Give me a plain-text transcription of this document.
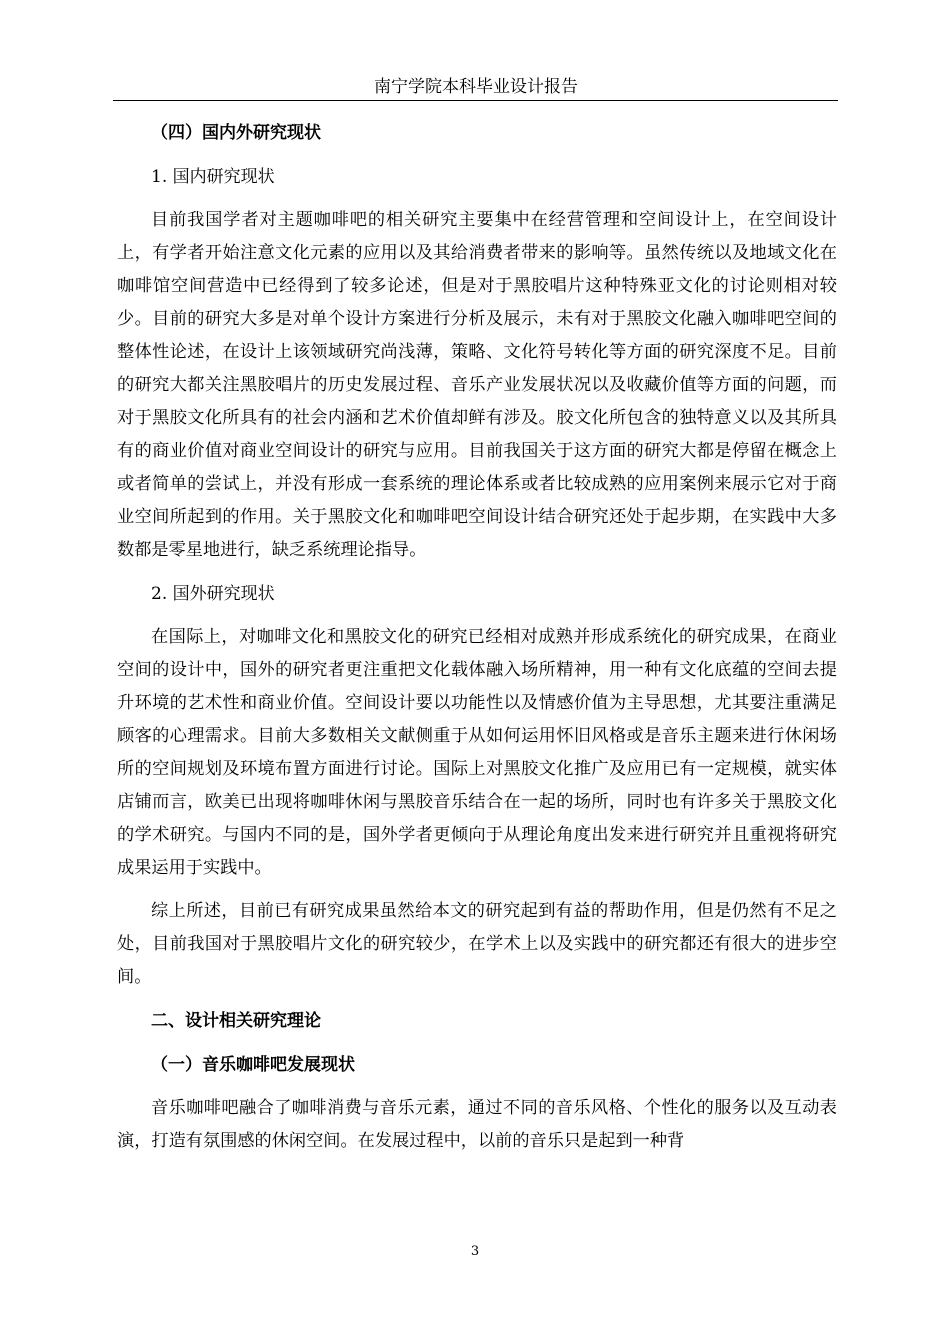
南宁学院本科毕业设计报告
（四）国内外研究现状
1. 国内研究现状

目前我国学者对主题咖啡吧的相关研究主要集中在经营管理和空间设计上，在空间设计上，有学者开始注意文化元素的应用以及其给消费者带来的影响等。虽然传统以及地域文化在咖啡馆空间营造中已经得到了较多论述，但是对于黑胶唱片这种特殊亚文化的讨论则相对较少。目前的研究大多是对单个设计方案进行分析及展示，未有对于黑胶文化融入咖啡吧空间的整体性论述，在设计上该领域研究尚浅薄，策略、文化符号转化等方面的研究深度不足。目前的研究大都关注黑胶唱片的历史发展过程、音乐产业发展状况以及收藏价值等方面的问题，而对于黑胶文化所具有的社会内涵和艺术价值却鲜有涉及。胶文化所包含的独特意义以及其所具有的商业价值对商业空间设计的研究与应用。目前我国关于这方面的研究大都是停留在概念上或者简单的尝试上，并没有形成一套系统的理论体系或者比较成熟的应用案例来展示它对于商业空间所起到的作用。关于黑胶文化和咖啡吧空间设计结合研究还处于起步期，在实践中大多数都是零星地进行，缺乏系统理论指导。

2. 国外研究现状

在国际上，对咖啡文化和黑胶文化的研究已经相对成熟并形成系统化的研究成果，在商业空间的设计中，国外的研究者更注重把文化载体融入场所精神，用一种有文化底蕴的空间去提升环境的艺术性和商业价值。空间设计要以功能性以及情感价值为主导思想，尤其要注重满足顾客的心理需求。目前大多数相关文献侧重于从如何运用怀旧风格或是音乐主题来进行休闲场所的空间规划及环境布置方面进行讨论。国际上对黑胶文化推广及应用已有一定规模，就实体店铺而言，欧美已出现将咖啡休闲与黑胶音乐结合在一起的场所，同时也有许多关于黑胶文化的学术研究。与国内不同的是，国外学者更倾向于从理论角度出发来进行研究并且重视将研究成果运用于实践中。

综上所述，目前已有研究成果虽然给本文的研究起到有益的帮助作用，但是仍然有不足之处，目前我国对于黑胶唱片文化的研究较少，在学术上以及实践中的研究都还有很大的进步空间。

二、设计相关研究理论
（一）音乐咖啡吧发展现状

音乐咖啡吧融合了咖啡消费与音乐元素，通过不同的音乐风格、个性化的服务以及互动表演，打造有氛围感的休闲空间。在发展过程中，以前的音乐只是起到一种背

3
